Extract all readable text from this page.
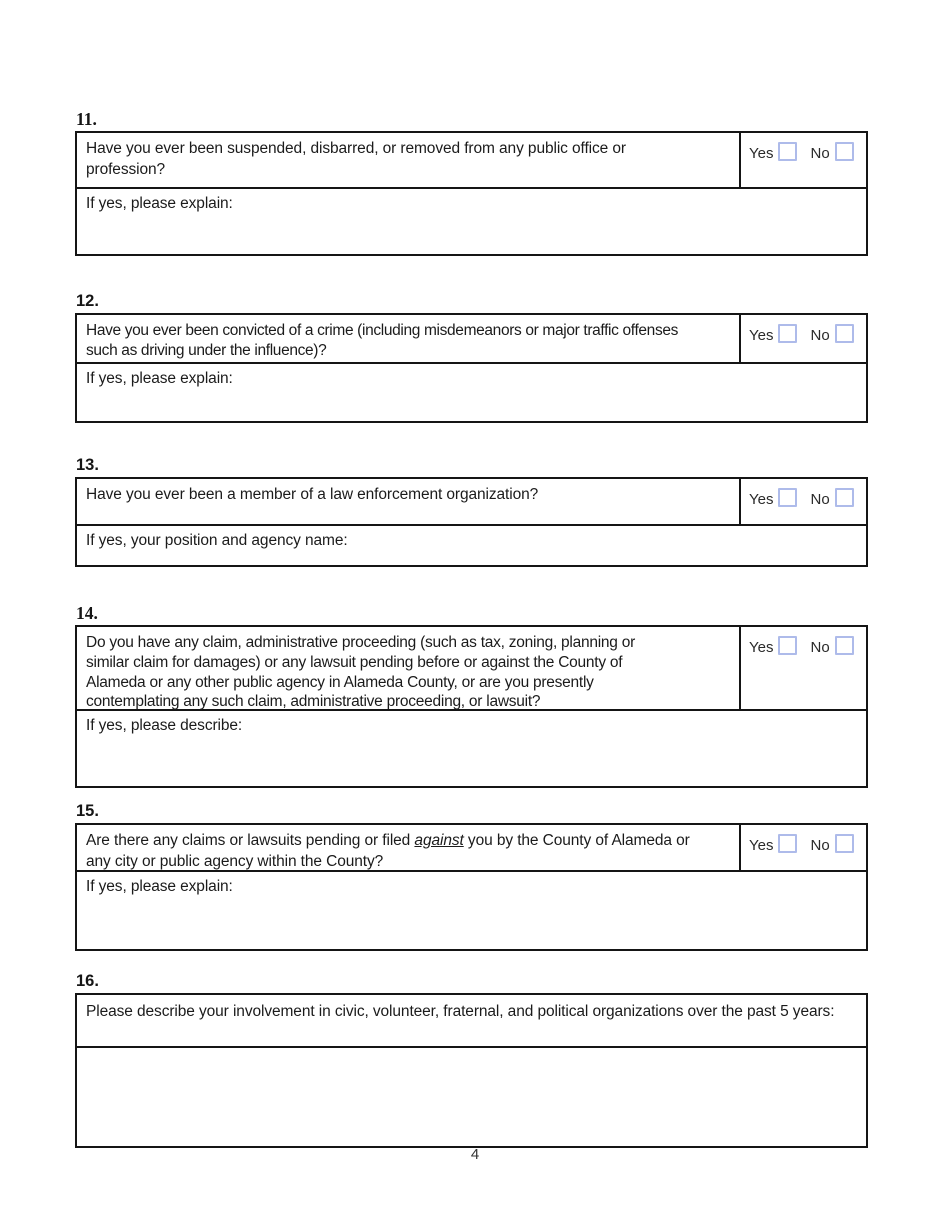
11.

Have you ever been suspended, disbarred, or removed from any public office or profession?

Yes No

If yes, please explain:

12.

Have you ever been convicted of a crime (including misdemeanors or major traffic offenses such as driving under the influence)?

Yes No

If yes, please explain:

13.

Have you ever been a member of a law enforcement organization?	Yes No

If yes, your position and agency name:

14.

Do you have any claim, administrative proceeding (such as tax, zoning, planning or similar claim for damages) or any lawsuit pending before or against the County of Alameda or any other public agency in Alameda County, or are you presently contemplating any such claim, administrative proceeding, or lawsuit?

Yes No

If yes, please describe:

15.

Are there any claims or lawsuits pending or filed against you by the County of Alameda or any city or public agency within the County?

Yes No

If yes, please explain:

16.

Please describe your involvement in civic, volunteer, fraternal, and political organizations over the past 5 years:

4
